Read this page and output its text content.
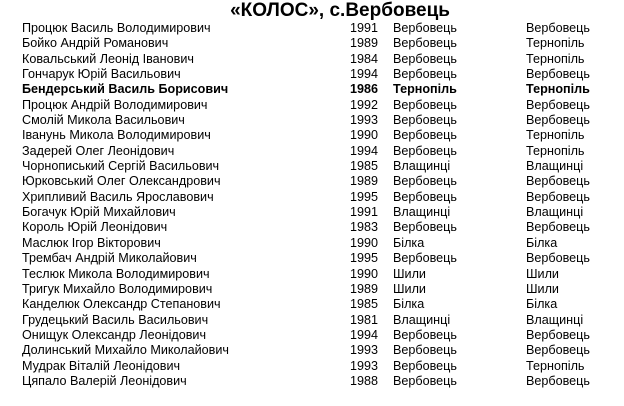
«КОЛОС», с.Вербовець
Процюк Василь Володимирович	1991 Вербовець	Вербовець
Бойко Андрій Романович	1989 Вербовець	Тернопіль
Ковальський Леонід Іванович	1984 Вербовець	Тернопіль
Гончарук Юрій Васильович	1994 Вербовець	Вербовець
Бендерський Василь Борисович	1986 Тернопіль	Тернопіль
Процюк Андрій Володимирович	1992 Вербовець	Вербовець
Смолій Микола Васильович	1993 Вербовець	Вербовець
Іванунь Микола Володимирович	1990 Вербовець	Тернопіль
Задерей Олег Леонідович	1994 Вербовець	Тернопіль
Чорнописький Сергій Васильович	1985 Влащинці	Влащинці
Юрковський Олег Олександрович	1989 Вербовець	Вербовець
Хрипливий Василь Ярославович	1995 Вербовець	Вербовець
Богачук Юрій Михайлович	1991 Влащинці	Влащинці
Король Юрій Леонідович	1983 Вербовець	Вербовець
Маслюк Ігор Вікторович	1990 Білка	Білка
Трембач Андрій Миколайович	1995 Вербовець	Вербовець
Теслюк Микола Володимирович	1990 Шили	Шили
Тригук Михайло Володимирович	1989 Шили	Шили
Канделюк Олександр Степанович	1985 Білка	Білка
Грудецький Василь Васильович	1981 Влащинці	Влащинці
Онищук Олександр Леонідович	1994 Вербовець	Вербовець
Долинський Михайло Миколайович	1993 Вербовець	Вербовець
Мудрак Віталій Леонідович	1993 Вербовець	Тернопіль
Цяпало Валерій Леонідович	1988 Вербовець	Вербовець
